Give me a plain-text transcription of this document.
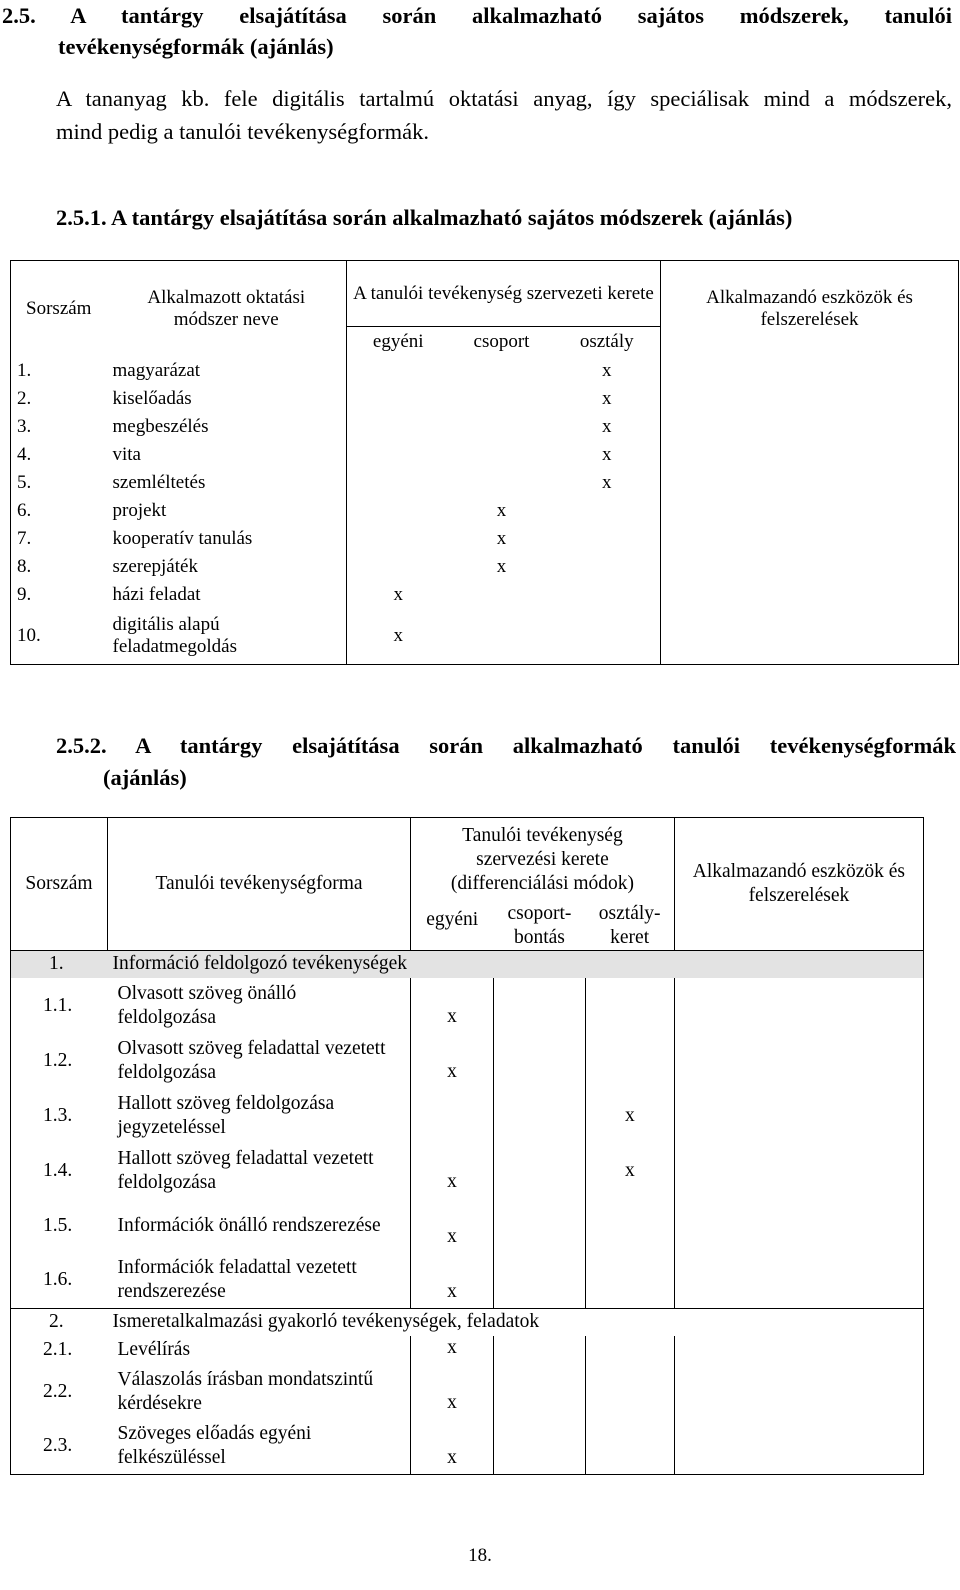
2.5. A tantárgy elsajátítása során alkalmazható sajátos módszerek, tanulói
tevékenységformák (ajánlás)
A tananyag kb. fele digitális tartalmú oktatási anyag, így speciálisak mind a módszerek,
mind pedig a tanulói tevékenységformák.
2.5.1. A tantárgy elsajátítása során alkalmazható sajátos módszerek (ajánlás)
Sorszám	Alkalmazott oktatási módszer neve	A tanulói tevékenység szervezeti kerete			Alkalmazandó eszközök és felszerelések
		egyéni	csoport	osztály	
1.	magyarázat			x	
2.	kiselőadás			x	
3.	megbeszélés			x	
4.	vita			x	
5.	szemléltetés			x	
6.	projekt		x		
7.	kooperatív tanulás		x		
8.	szerepjáték		x		
9.	házi feladat	x			
10.	digitális alapú feladatmegoldás	x			
2.5.2. A tantárgy elsajátítása során alkalmazható tanulói tevékenységformák
(ajánlás)
Sorszám	Tanulói tevékenységforma	Tanulói tevékenység szervezési kerete (differenciálási módok)			Alkalmazandó eszközök és felszerelések
		egyéni	csoport-bontás	osztály-keret	
1.	Információ feldolgozó tevékenységek				
1.1.	Olvasott szöveg önálló feldolgozása	x			
1.2.	Olvasott szöveg feladattal vezetett feldolgozása	x			
1.3.	Hallott szöveg feldolgozása jegyzeteléssel			x	
1.4.	Hallott szöveg feladattal vezetett feldolgozása	x		x	
1.5.	Információk önálló rendszerezése	x			
1.6.	Információk feladattal vezetett rendszerezése	x			
2.	Ismeretalkalmazási gyakorló tevékenységek, feladatok				
2.1.	Levélírás	x			
2.2.	Válaszolás írásban mondatszintű kérdésekre	x			
2.3.	Szöveges előadás egyéni felkészüléssel	x			
18.
